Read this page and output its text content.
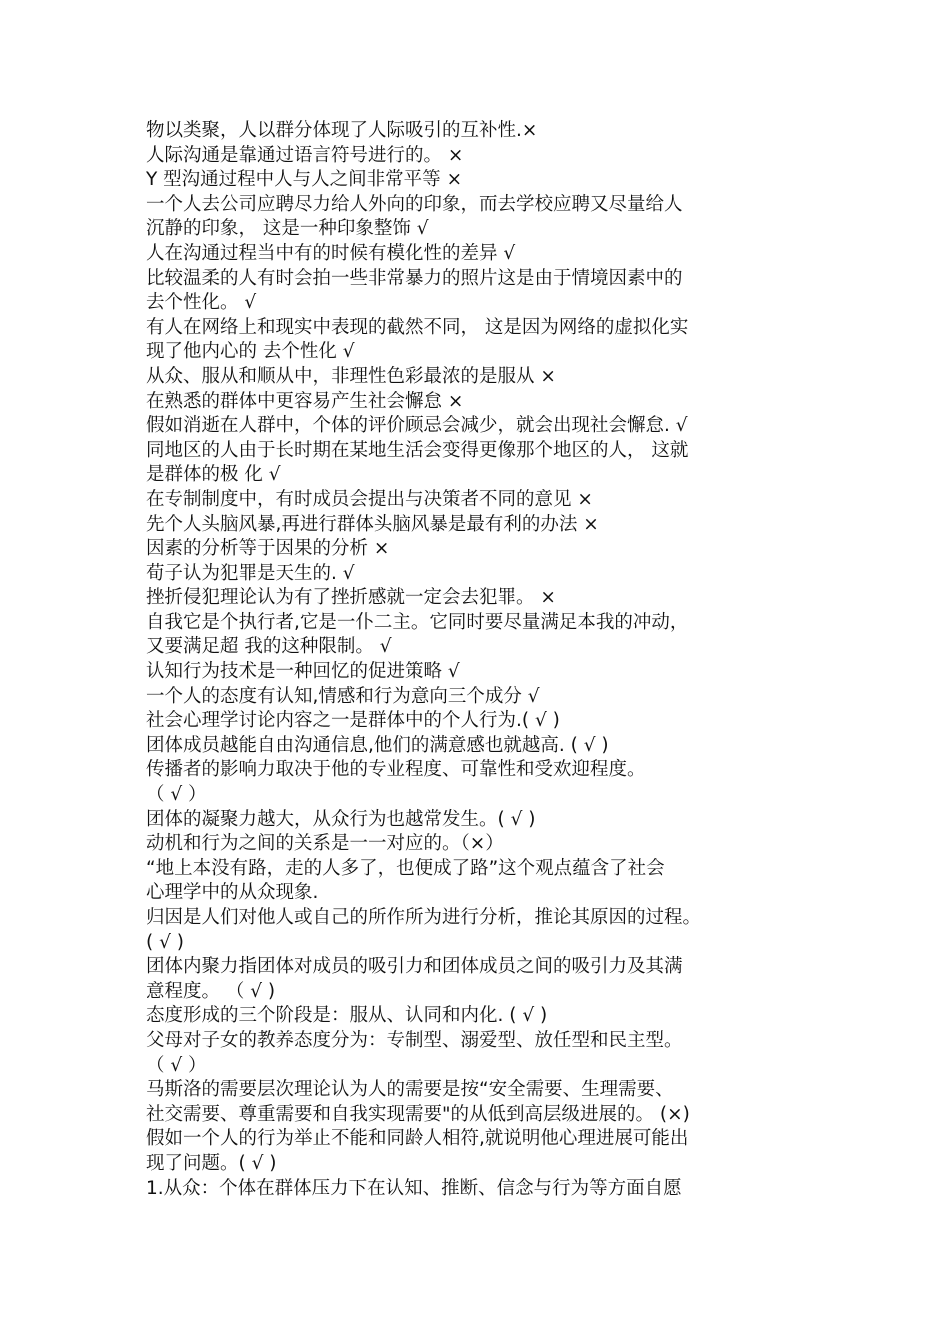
物以类聚，人以群分体现了人际吸引的互补性.×
人际沟通是靠通过语言符号进行的。 ×
Y 型沟通过程中人与人之间非常平等 ×
一个人去公司应聘尽力给人外向的印象，而去学校应聘又尽量给人
沉静的印象， 这是一种印象整饰 √
人在沟通过程当中有的时候有模化性的差异 √
比较温柔的人有时会拍一些非常暴力的照片这是由于情境因素中的
去个性化。 √
有人在网络上和现实中表现的截然不同， 这是因为网络的虚拟化实
现了他内心的 去个性化 √
从众、服从和顺从中，非理性色彩最浓的是服从 ×
在熟悉的群体中更容易产生社会懈怠 ×
假如消逝在人群中，个体的评价顾忌会减少，就会出现社会懈怠. √
同地区的人由于长时期在某地生活会变得更像那个地区的人， 这就
是群体的极 化 √
在专制制度中，有时成员会提出与决策者不同的意见 ×
先个人头脑风暴,再进行群体头脑风暴是最有利的办法 ×
因素的分析等于因果的分析 ×
荀子认为犯罪是天生的. √
挫折侵犯理论认为有了挫折感就一定会去犯罪。 ×
自我它是个执行者,它是一仆二主。它同时要尽量满足本我的冲动，
又要满足超 我的这种限制。 √
认知行为技术是一种回忆的促进策略 √
一个人的态度有认知,情感和行为意向三个成分 √
社会心理学讨论内容之一是群体中的个人行为.( √ )
团体成员越能自由沟通信息,他们的满意感也就越高. ( √ )
传播者的影响力取决于他的专业程度、可靠性和受欢迎程度。
（ √ ）
团体的凝聚力越大，从众行为也越常发生。( √ )
动机和行为之间的关系是一一对应的。（×）
“地上本没有路，走的人多了，也便成了路”这个观点蕴含了社会
心理学中的从众现象.
归因是人们对他人或自己的所作所为进行分析，推论其原因的过程。
( √ )
团体内聚力指团体对成员的吸引力和团体成员之间的吸引力及其满
意程度。 （ √ )
态度形成的三个阶段是：服从、认同和内化. ( √ )
父母对子女的教养态度分为：专制型、溺爱型、放任型和民主型。
（ √ ）
马斯洛的需要层次理论认为人的需要是按“安全需要、生理需要、
社交需要、尊重需要和自我实现需要"的从低到高层级进展的。 (×)
假如一个人的行为举止不能和同龄人相符,就说明他心理进展可能出
现了问题。( √ )
1.从众：个体在群体压力下在认知、推断、信念与行为等方面自愿
